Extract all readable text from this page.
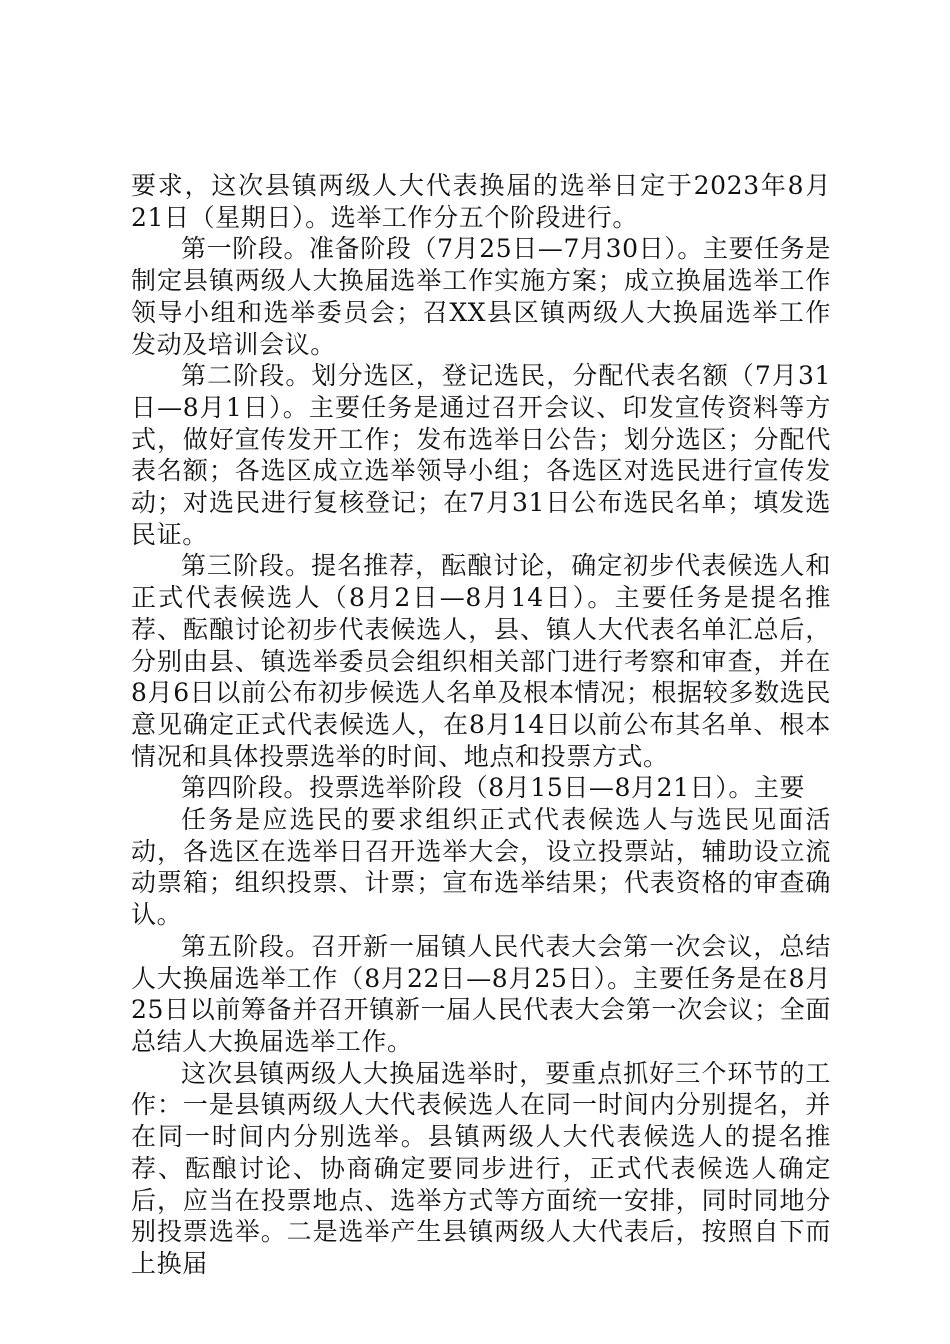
要求，这次县镇两级人大代表换届的选举日定于2023年8月21日（星期日）。选举工作分五个阶段进行。

第一阶段。准备阶段（7月25日—7月30日）。主要任务是制定县镇两级人大换届选举工作实施方案；成立换届选举工作领导小组和选举委员会；召XX县区镇两级人大换届选举工作发动及培训会议。

第二阶段。划分选区，登记选民，分配代表名额（7月31日—8月1日）。主要任务是通过召开会议、印发宣传资料等方式，做好宣传发开工作；发布选举日公告；划分选区；分配代表名额；各选区成立选举领导小组；各选区对选民进行宣传发动；对选民进行复核登记；在7月31日公布选民名单；填发选民证。

第三阶段。提名推荐，酝酿讨论，确定初步代表候选人和正式代表候选人（8月2日—8月14日）。主要任务是提名推荐、酝酿讨论初步代表候选人，县、镇人大代表名单汇总后，分别由县、镇选举委员会组织相关部门进行考察和审查，并在8月6日以前公布初步候选人名单及根本情况；根据较多数选民意见确定正式代表候选人，在8月14日以前公布其名单、根本情况和具体投票选举的时间、地点和投票方式。

第四阶段。投票选举阶段（8月15日—8月21日）。主要

任务是应选民的要求组织正式代表候选人与选民见面活动，各选区在选举日召开选举大会，设立投票站，辅助设立流动票箱；组织投票、计票；宣布选举结果；代表资格的审查确认。

第五阶段。召开新一届镇人民代表大会第一次会议，总结人大换届选举工作（8月22日—8月25日）。主要任务是在8月25日以前筹备并召开镇新一届人民代表大会第一次会议；全面总结人大换届选举工作。

这次县镇两级人大换届选举时，要重点抓好三个环节的工作：一是县镇两级人大代表候选人在同一时间内分别提名，并在同一时间内分别选举。县镇两级人大代表候选人的提名推荐、酝酿讨论、协商确定要同步进行，正式代表候选人确定后，应当在投票地点、选举方式等方面统一安排，同时同地分别投票选举。二是选举产生县镇两级人大代表后，按照自下而上换届
